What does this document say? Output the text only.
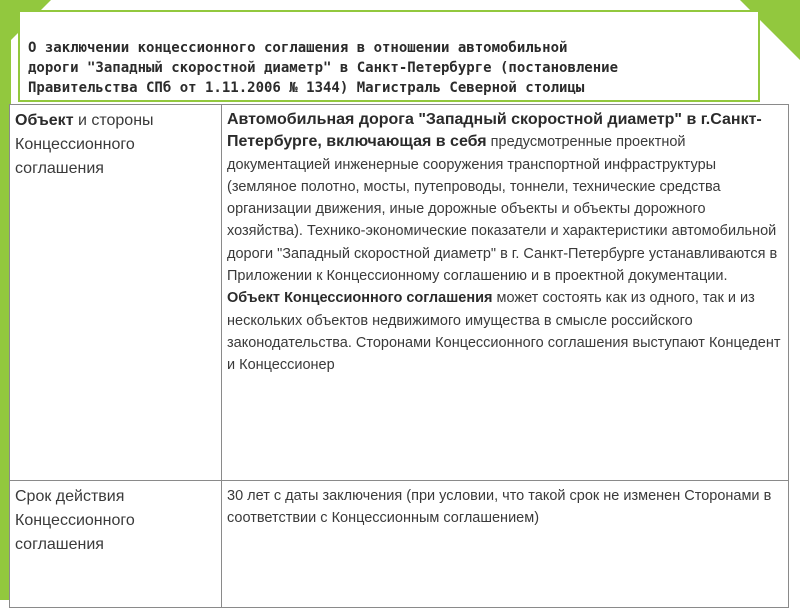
О заключении концессионного соглашения в отношении автомобильной
дороги "Западный скоростной диаметр" в Санкт-Петербурге (постановление
Правительства СПб от 1.11.2006 № 1344) Магистраль Северной столицы
Объект и стороны Концессионного соглашения	Автомобильная дорога "Западный скоростной диаметр" в г.Санкт-Петербурге, включающая в себя предусмотренные проектной документацией инженерные сооружения транспортной инфраструктуры (земляное полотно, мосты, путепроводы, тоннели, технические средства организации движения, иные дорожные объекты и объекты дорожного хозяйства). Технико-экономические показатели и характеристики автомобильной дороги "Западный скоростной диаметр" в г. Санкт-Петербурге устанавливаются в Приложении к Концессионному соглашению и в проектной документации. Объект Концессионного соглашения может состоять как из одного, так и из нескольких объектов недвижимого имущества в смысле российского законодательства. Сторонами Концессионного соглашения выступают Концедент и Концессионер
Срок действия Концессионного соглашения	30 лет с даты заключения (при условии, что такой срок не изменен Сторонами в соответствии с Концессионным соглашением)
